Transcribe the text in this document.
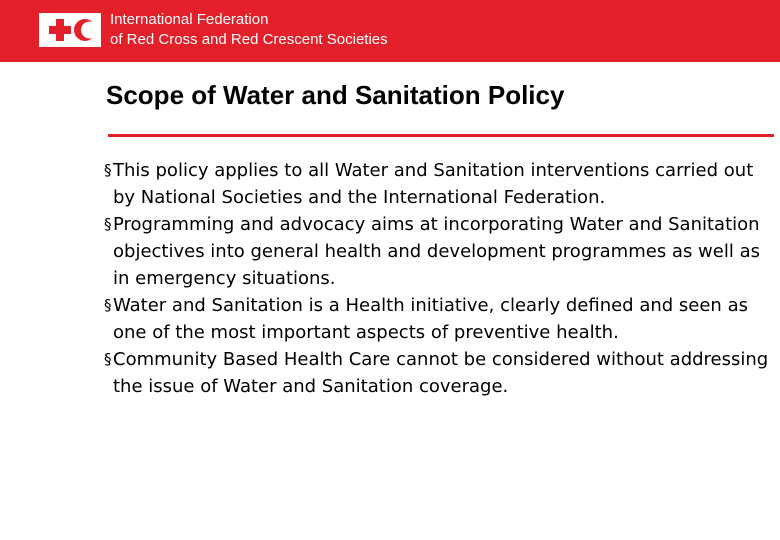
International Federation
of Red Cross and Red Crescent Societies
Scope of Water and Sanitation Policy
§ This policy applies to all Water and Sanitation interventions carried out by National Societies and the International Federation.
§ Programming and advocacy aims at incorporating Water and Sanitation objectives into general health and development programmes as well as in emergency situations.
§ Water and Sanitation is a Health initiative, clearly defined and seen as one of the most important aspects of preventive health.
§ Community Based Health Care cannot be considered without addressing the issue of Water and Sanitation coverage.
